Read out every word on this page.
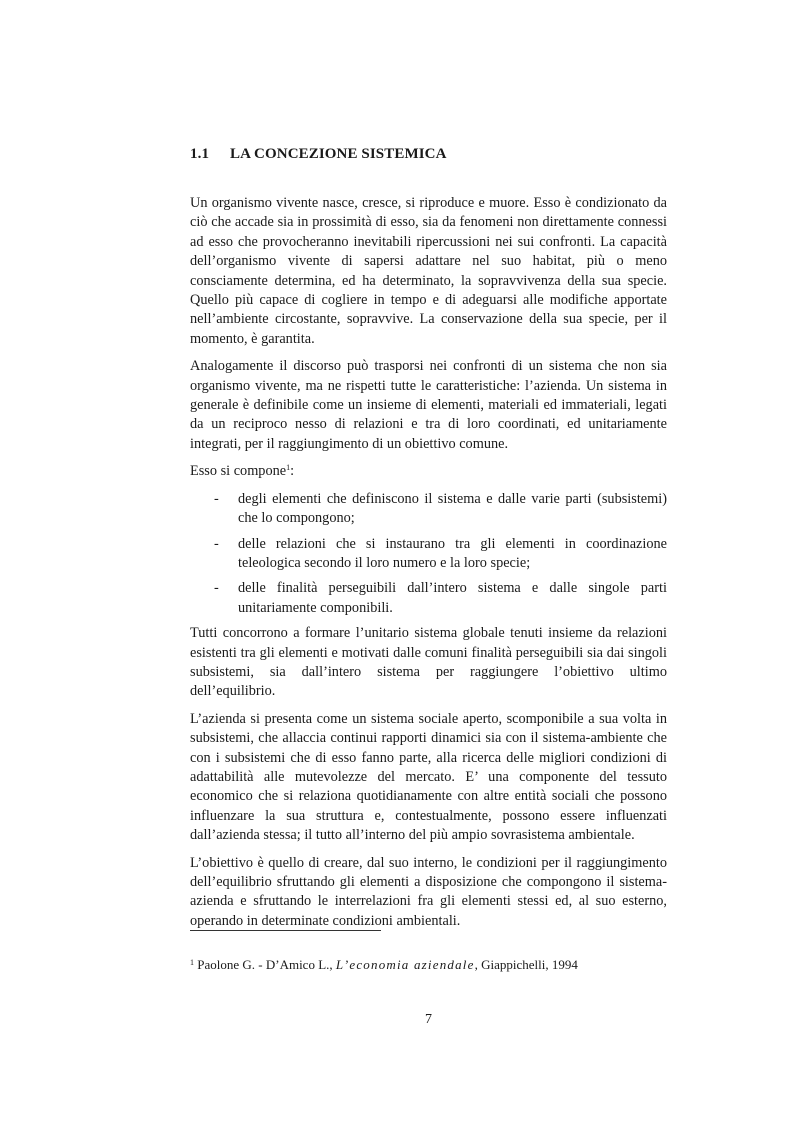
1.1 LA CONCEZIONE SISTEMICA

Un organismo vivente nasce, cresce, si riproduce e muore. Esso è condizionato da ciò che accade sia in prossimità di esso, sia da fenomeni non direttamente connessi ad esso che provocheranno inevitabili ripercussioni nei sui confronti. La capacità dell’organismo vivente di sapersi adattare nel suo habitat, più o meno consciamente determina, ed ha determinato, la sopravvivenza della sua specie. Quello più capace di cogliere in tempo e di adeguarsi alle modifiche apportate nell’ambiente circostante, sopravvive. La conservazione della sua specie, per il momento, è garantita.

Analogamente il discorso può trasporsi nei confronti di un sistema che non sia organismo vivente, ma ne rispetti tutte le caratteristiche: l’azienda. Un sistema in generale è definibile come un insieme di elementi, materiali ed immateriali, legati da un reciproco nesso di relazioni e tra di loro coordinati, ed unitariamente integrati, per il raggiungimento di un obiettivo comune.

Esso si compone$^1$:

- degli elementi che definiscono il sistema e dalle varie parti (subsistemi) che lo compongono;
- delle relazioni che si instaurano tra gli elementi in coordinazione teleologica secondo il loro numero e la loro specie;
- delle finalità perseguibili dall’intero sistema e dalle singole parti unitariamente componibili.

Tutti concorrono a formare l’unitario sistema globale tenuti insieme da relazioni esistenti tra gli elementi e motivati dalle comuni finalità perseguibili sia dai singoli subsistemi, sia dall’intero sistema per raggiungere l’obiettivo ultimo dell’equilibrio.

L’azienda si presenta come un sistema sociale aperto, scomponibile a sua volta in subsistemi, che allaccia continui rapporti dinamici sia con il sistema-ambiente che con i subsistemi che di esso fanno parte, alla ricerca delle migliori condizioni di adattabilità alle mutevolezze del mercato. E’ una componente del tessuto economico che si relaziona quotidianamente con altre entità sociali che possono influenzare la sua struttura e, contestualmente, possono essere influenzati dall’azienda stessa; il tutto all’interno del più ampio sovrasistema ambientale.

L’obiettivo è quello di creare, dal suo interno, le condizioni per il raggiungimento dell’equilibrio sfruttando gli elementi a disposizione che compongono il sistema-azienda e sfruttando le interrelazioni fra gli elementi stessi ed, al suo esterno, operando in determinate condizioni ambientali.

$^1$ Paolone G. - D’Amico L., L’economia aziendale, Giappichelli, 1994
7
